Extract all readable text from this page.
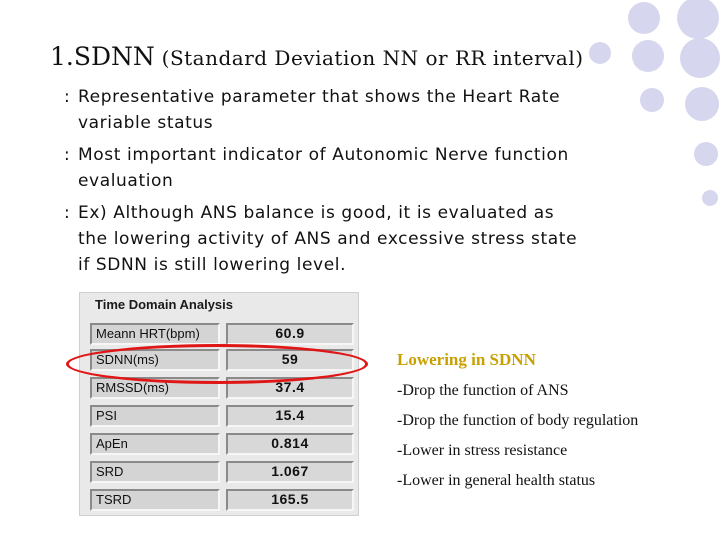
1.SDNN (Standard Deviation NN or RR interval)
: Representative parameter that shows the Heart Rate
variable status
: Most important indicator of Autonomic Nerve function
evaluation
: Ex) Although ANS balance is good, it is evaluated as
the lowering activity of ANS and excessive stress state
if SDNN is still lowering level.
Time Domain Analysis
Meann HRT(bpm)	60.9
SDNN(ms)	59
RMSSD(ms)	37.4
PSI	15.4
ApEn	0.814
SRD	1.067
TSRD	165.5
Lowering in SDNN
-Drop the function of ANS
-Drop the function of body regulation
-Lower in stress resistance
-Lower in general health status
